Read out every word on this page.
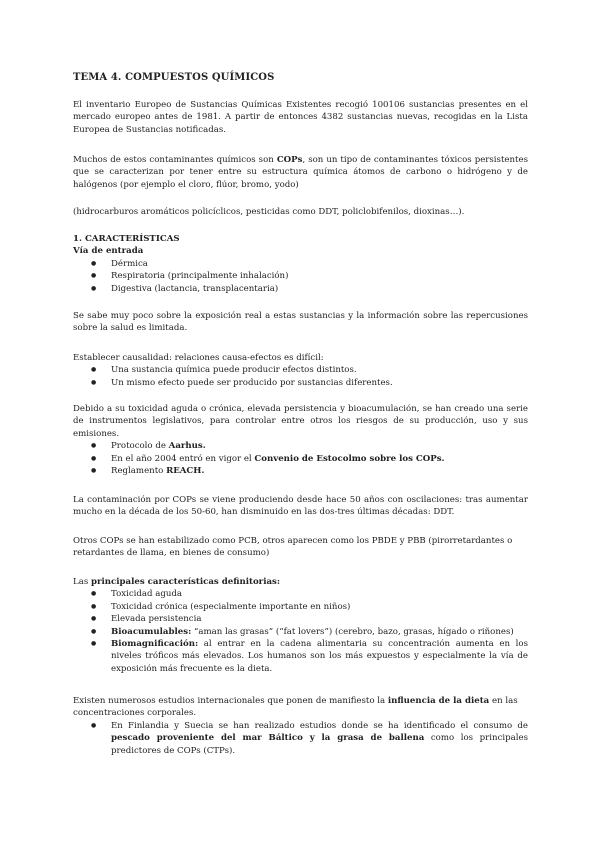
TEMA 4. COMPUESTOS QUÍMICOS

El inventario Europeo de Sustancias Químicas Existentes recogió 100106 sustancias presentes en el mercado europeo antes de 1981. A partir de entonces 4382 sustancias nuevas, recogidas en la Lista Europea de Sustancias notificadas.

Muchos de estos contaminantes químicos son COPs, son un tipo de contaminantes tóxicos persistentes que se caracterizan por tener entre su estructura química átomos de carbono o hidrógeno y de halógenos (por ejemplo el cloro, flúor, bromo, yodo)

(hidrocarburos aromáticos policíclicos, pesticidas como DDT, policlobifenilos, dioxinas…).

1. CARACTERÍSTICAS
Vía de entrada
● Dérmica
● Respiratoria (principalmente inhalación)
● Digestiva (lactancia, transplacentaria)

Se sabe muy poco sobre la exposición real a estas sustancias y la información sobre las repercusiones sobre la salud es limitada.

Establecer causalidad: relaciones causa-efectos es difícil:
● Una sustancia química puede producir efectos distintos.
● Un mismo efecto puede ser producido por sustancias diferentes.
Debido a su toxicidad aguda o crónica, elevada persistencia y bioacumulación, se han creado una serie de instrumentos legislativos, para controlar entre otros los riesgos de su producción, uso y sus emisiones.
● Protocolo de Aarhus.
● En el año 2004 entró en vigor el Convenio de Estocolmo sobre los COPs.
● Reglamento REACH.

La contaminación por COPs se viene produciendo desde hace 50 años con oscilaciones: tras aumentar mucho en la década de los 50-60, han disminuido en las dos-tres últimas décadas: DDT.

Otros COPs se han estabilizado como PCB, otros aparecen como los PBDE y PBB (pirorretardantes o retardantes de llama, en bienes de consumo)

Las principales características definitorias:
● Toxicidad aguda
● Toxicidad crónica (especialmente importante en niños)
● Elevada persistencia
● Bioacumulables: “aman las grasas” (“fat lovers”) (cerebro, bazo, grasas, hígado o riñones)
● Biomagnificación: al entrar en la cadena alimentaria su concentración aumenta en los niveles tróficos más elevados. Los humanos son los más expuestos y especialmente la vía de exposición más frecuente es la dieta.
Existen numerosos estudios internacionales que ponen de manifiesto la influencia de la dieta en las concentraciones corporales.
● En Finlandia y Suecia se han realizado estudios donde se ha identificado el consumo de pescado proveniente del mar Báltico y la grasa de ballena como los principales predictores de COPs (CTPs).
